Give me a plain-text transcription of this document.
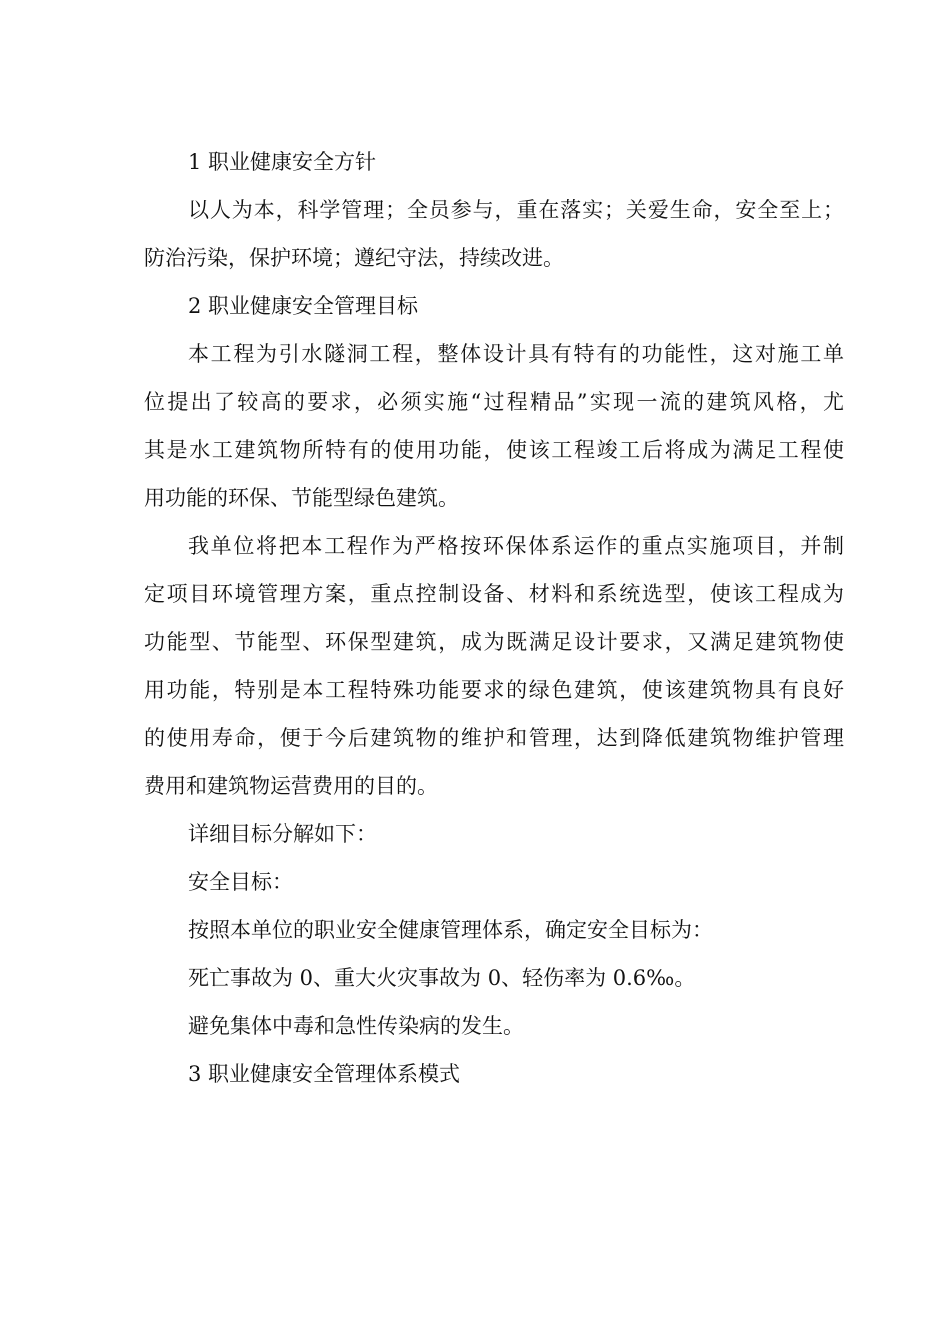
1 职业健康安全方针

以人为本，科学管理；全员参与，重在落实；关爱生命，安全至上；

防治污染，保护环境；遵纪守法，持续改进。

2 职业健康安全管理目标

本工程为引水隧洞工程，整体设计具有特有的功能性，这对施工单

位提出了较高的要求，必须实施“过程精品”实现一流的建筑风格，尤

其是水工建筑物所特有的使用功能，使该工程竣工后将成为满足工程使

用功能的环保、节能型绿色建筑。

我单位将把本工程作为严格按环保体系运作的重点实施项目，并制

定项目环境管理方案，重点控制设备、材料和系统选型，使该工程成为

功能型、节能型、环保型建筑，成为既满足设计要求，又满足建筑物使

用功能，特别是本工程特殊功能要求的绿色建筑，使该建筑物具有良好

的使用寿命，便于今后建筑物的维护和管理，达到降低建筑物维护管理

费用和建筑物运营费用的目的。

详细目标分解如下：

安全目标：

按照本单位的职业安全健康管理体系，确定安全目标为：

死亡事故为 0、重大火灾事故为 0、轻伤率为 0.6‰。

避免集体中毒和急性传染病的发生。

3 职业健康安全管理体系模式
